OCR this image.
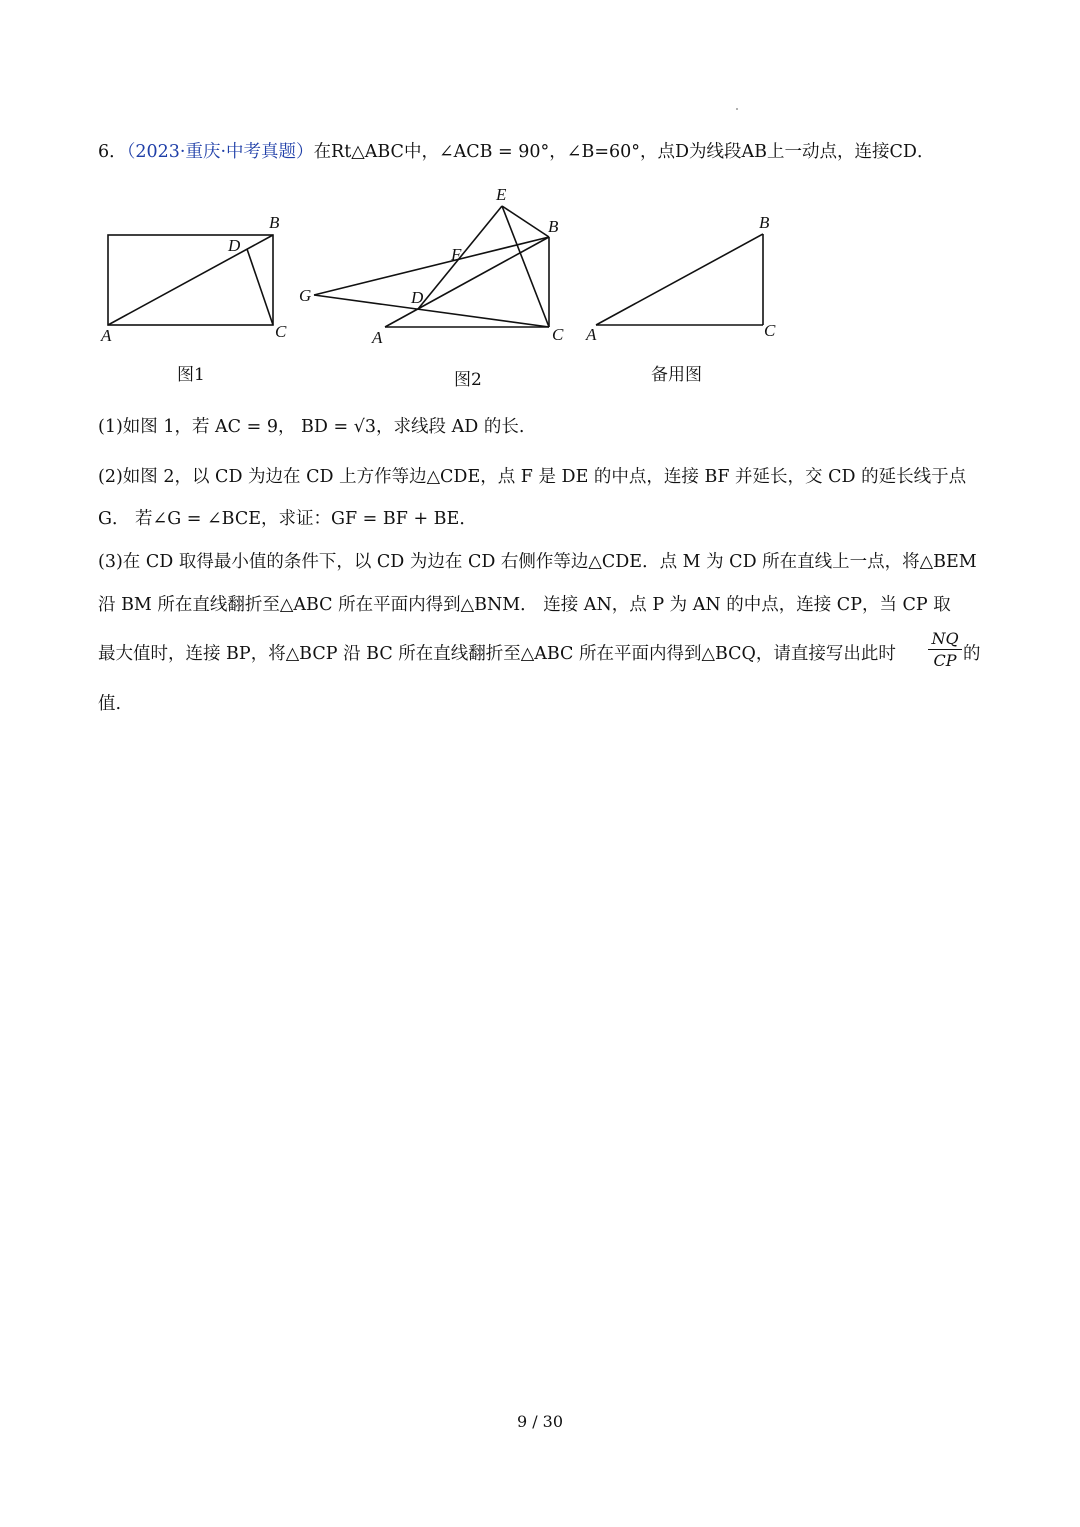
6．（2023·重庆·中考真题）在Rt△ABC中，∠ACB = 90°，∠B=60°，点D为线段AB上一动点，连接CD．
B
D
A	C
图1
E
B
F
G	D
A	C
图2
B
A	C
备用图
(1)如图 1，若 AC = 9， BD = √3，求线段 AD 的长.
(2)如图 2，以 CD 为边在 CD 上方作等边△CDE，点 F 是 DE 的中点，连接 BF 并延长，交 CD 的延长线于点
G． 若∠G = ∠BCE，求证：GF = BF + BE．
(3)在 CD 取得最小值的条件下，以 CD 为边在 CD 右侧作等边△CDE．点 M 为 CD 所在直线上一点，将△BEM
沿 BM 所在直线翻折至△ABC 所在平面内得到△BNM． 连接 AN，点 P 为 AN 的中点，连接 CP，当 CP 取
最大值时，连接 BP，将△BCP 沿 BC 所在直线翻折至△ABC 所在平面内得到△BCQ，请直接写出此时 $\frac{NQ}{CP}$ 的
值.
9 / 30
